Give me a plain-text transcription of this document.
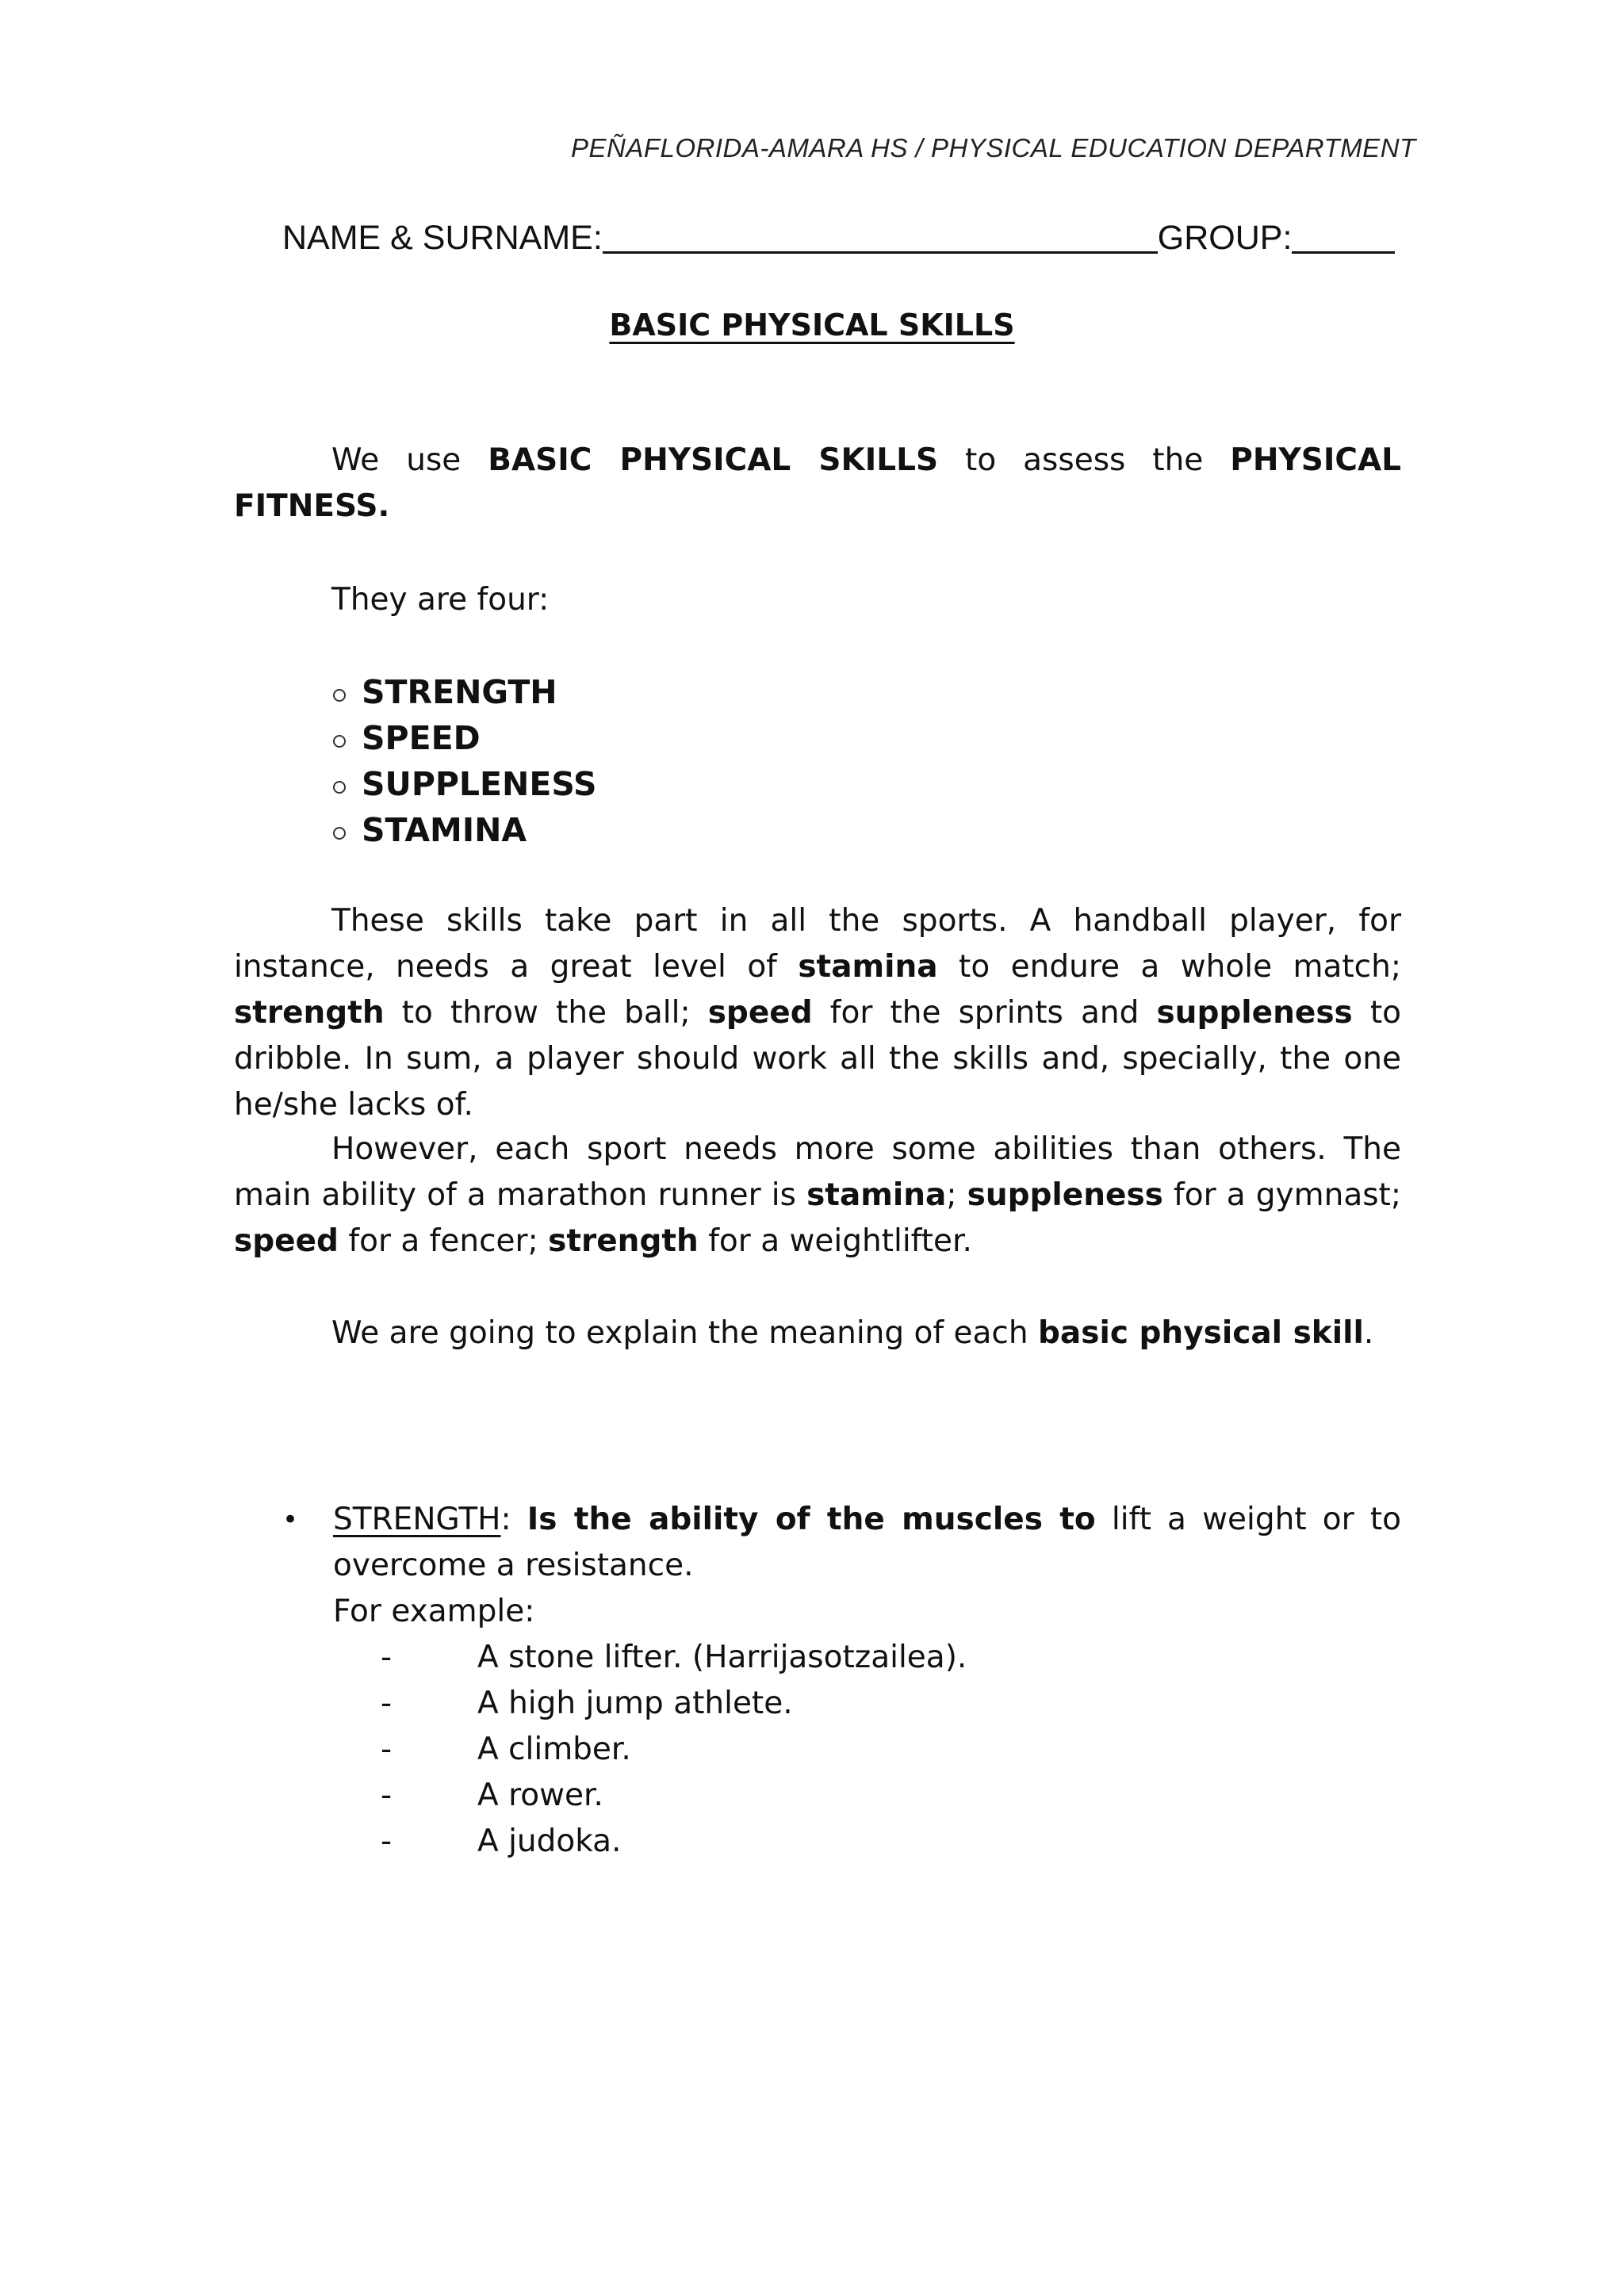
PEÑAFLORIDA-AMARA HS / PHYSICAL EDUCATION DEPARTMENT
NAME & SURNAME:	GROUP:
BASIC PHYSICAL SKILLS
We use BASIC PHYSICAL SKILLS to assess the PHYSICAL FITNESS.
They are four:
STRENGTH
SPEED
SUPPLENESS
STAMINA
These skills take part in all the sports. A handball player, for instance, needs a great level of stamina to endure a whole match; strength to throw the ball; speed for the sprints and suppleness to dribble. In sum, a player should work all the skills and, specially, the one he/she lacks of.
However, each sport needs more some abilities than others. The main ability of a marathon runner is stamina; suppleness for a gymnast; speed for a fencer; strength for a weightlifter.
We are going to explain the meaning of each basic physical skill.
•	STRENGTH: Is the ability of the muscles to lift a weight or to overcome a resistance.
For example:
-	A stone lifter. (Harrijasotzailea).
-	A high jump athlete.
-	A climber.
-	A rower.
-	A judoka.
